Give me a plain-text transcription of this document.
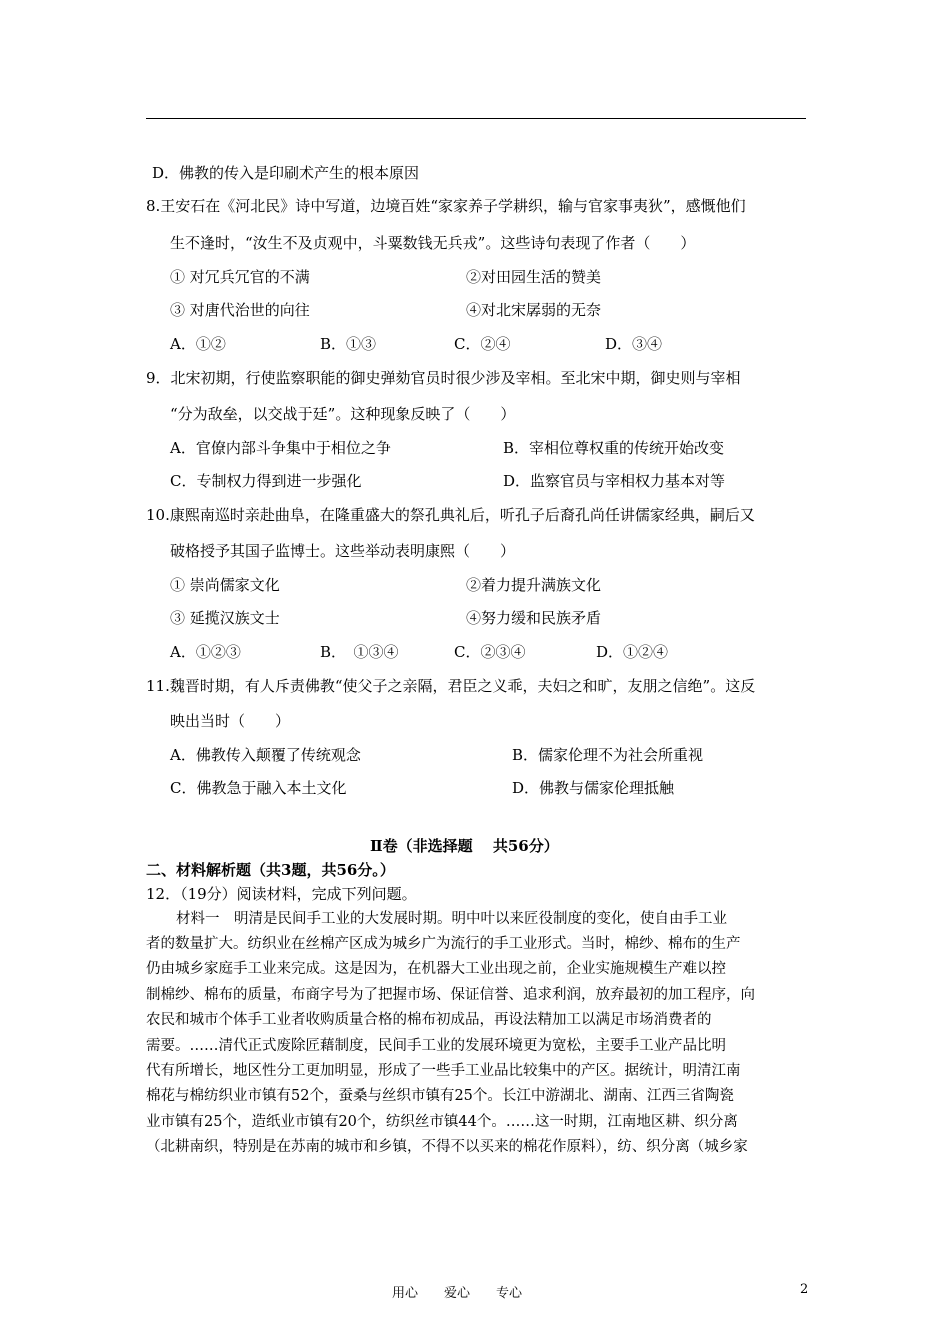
D．佛教的传入是印刷术产生的根本原因
8.王安石在《河北民》诗中写道，边境百姓“家家养子学耕织，输与官家事夷狄”，感慨他们
生不逢时，“汝生不及贞观中，斗粟数钱无兵戎”。这些诗句表现了作者（　　）
① 对冗兵冗官的不满	②对田园生活的赞美
③ 对唐代治世的向往	④对北宋孱弱的无奈
A．①②	B．①③	C．②④	D．③④
9．北宋初期，行使监察职能的御史弹劾官员时很少涉及宰相。至北宋中期，御史则与宰相
“分为敌垒，以交战于廷”。这种现象反映了（　　）
A．官僚内部斗争集中于相位之争	B．宰相位尊权重的传统开始改变
C．专制权力得到进一步强化	D．监察官员与宰相权力基本对等
10.康熙南巡时亲赴曲阜，在隆重盛大的祭孔典礼后，听孔子后裔孔尚任讲儒家经典，嗣后又
破格授予其国子监博士。这些举动表明康熙（　　）
① 崇尚儒家文化	②着力提升满族文化
③ 延揽汉族文士	④努力缓和民族矛盾
A．①②③	B．　①③④	C．②③④	D．①②④
11.魏晋时期，有人斥责佛教“使父子之亲隔，君臣之义乖，夫妇之和旷，友朋之信绝”。这反
映出当时（　　）
A．佛教传入颠覆了传统观念	B．儒家伦理不为社会所重视
C．佛教急于融入本土文化	D．佛教与儒家伦理抵触
Ⅱ卷（非选择题　 共56分）
二、材料解析题（共3题，共56分。）
12．（19分）阅读材料，完成下列问题。
材料一　明清是民间手工业的大发展时期。明中叶以来匠役制度的变化，使自由手工业
者的数量扩大。纺织业在丝棉产区成为城乡广为流行的手工业形式。当时，棉纱、棉布的生产
仍由城乡家庭手工业来完成。这是因为，在机器大工业出现之前，企业实施规模生产难以控
制棉纱、棉布的质量，布商字号为了把握市场、保证信誉、追求利润，放弃最初的加工程序，向
农民和城市个体手工业者收购质量合格的棉布初成品，再设法精加工以满足市场消费者的
需要。……清代正式废除匠藉制度，民间手工业的发展环境更为宽松，主要手工业产品比明
代有所增长，地区性分工更加明显，形成了一些手工业品比较集中的产区。据统计，明清江南
棉花与棉纺织业市镇有52个，蚕桑与丝织市镇有25个。长江中游湖北、湖南、江西三省陶瓷
业市镇有25个，造纸业市镇有20个，纺织丝市镇44个。……这一时期，江南地区耕、织分离
（北耕南织，特别是在苏南的城市和乡镇，不得不以买来的棉花作原料），纺、织分离（城乡家
用心　　爱心　　专心	2
